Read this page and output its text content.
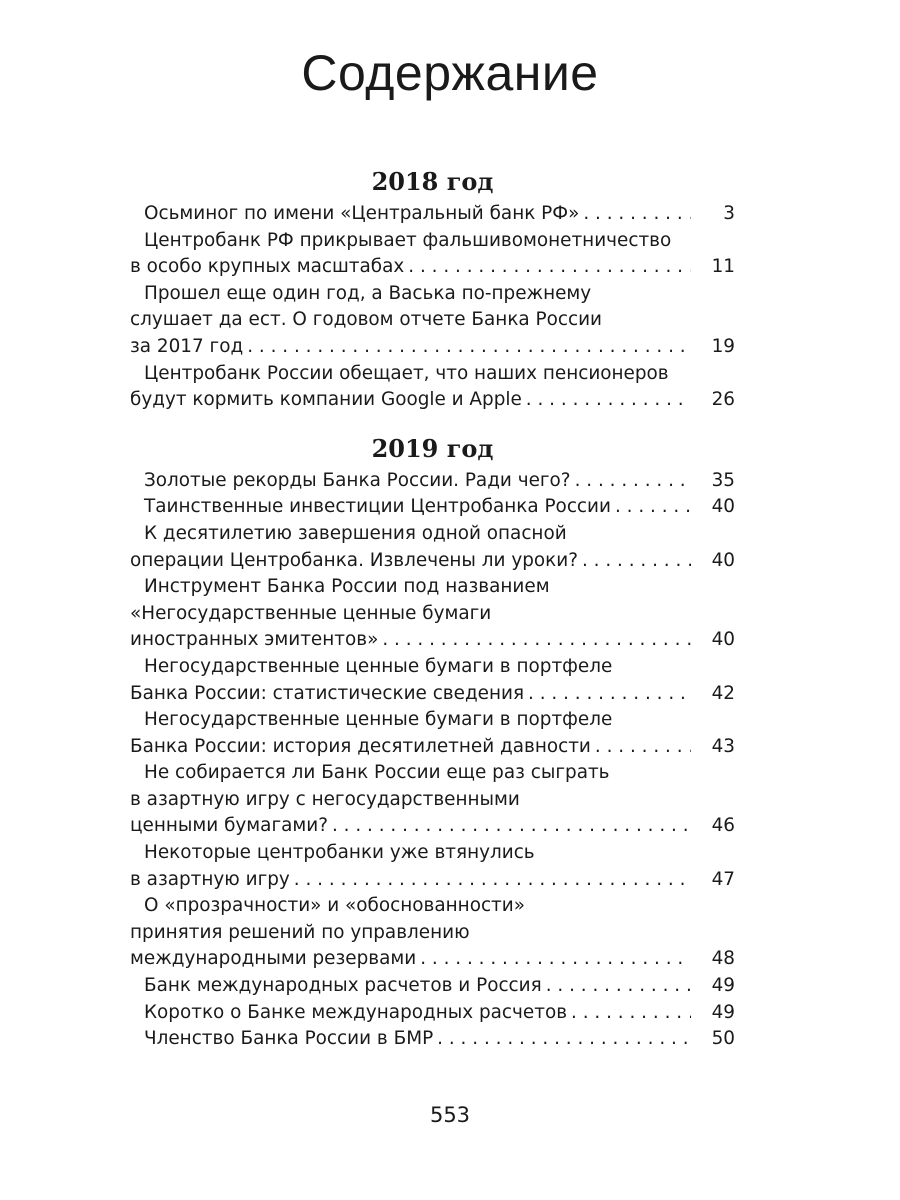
Содержание
2018 год
Осьминог по имени «Центральный банк РФ» . . .	3
Центробанк РФ прикрывает фальшивомонетничество
в особо крупных масштабах . . .	11
Прошел еще один год, а Васька по-прежнему
слушает да ест. О годовом отчете Банка России
за 2017 год . . .	19
Центробанк России обещает, что наших пенсионеров
будут кормить компании Google и Apple . . .	26
2019 год
Золотые рекорды Банка России. Ради чего? . . .	35
Таинственные инвестиции Центробанка России . . .	40
К десятилетию завершения одной опасной
операции Центробанка. Извлечены ли уроки? . . .	40
Инструмент Банка России под названием
«Негосударственные ценные бумаги
иностранных эмитентов» . . .	40
Негосударственные ценные бумаги в портфеле
Банка России: статистические сведения . . .	42
Негосударственные ценные бумаги в портфеле
Банка России: история десятилетней давности . . .	43
Не собирается ли Банк России еще раз сыграть
в азартную игру с негосударственными
ценными бумагами? . . .	46
Некоторые центробанки уже втянулись
в азартную игру . . .	47
О «прозрачности» и «обоснованности»
принятия решений по управлению
международными резервами . . .	48
Банк международных расчетов и Россия . . .	49
Коротко о Банке международных расчетов . . .	49
Членство Банка России в БМР . . .	50
553
